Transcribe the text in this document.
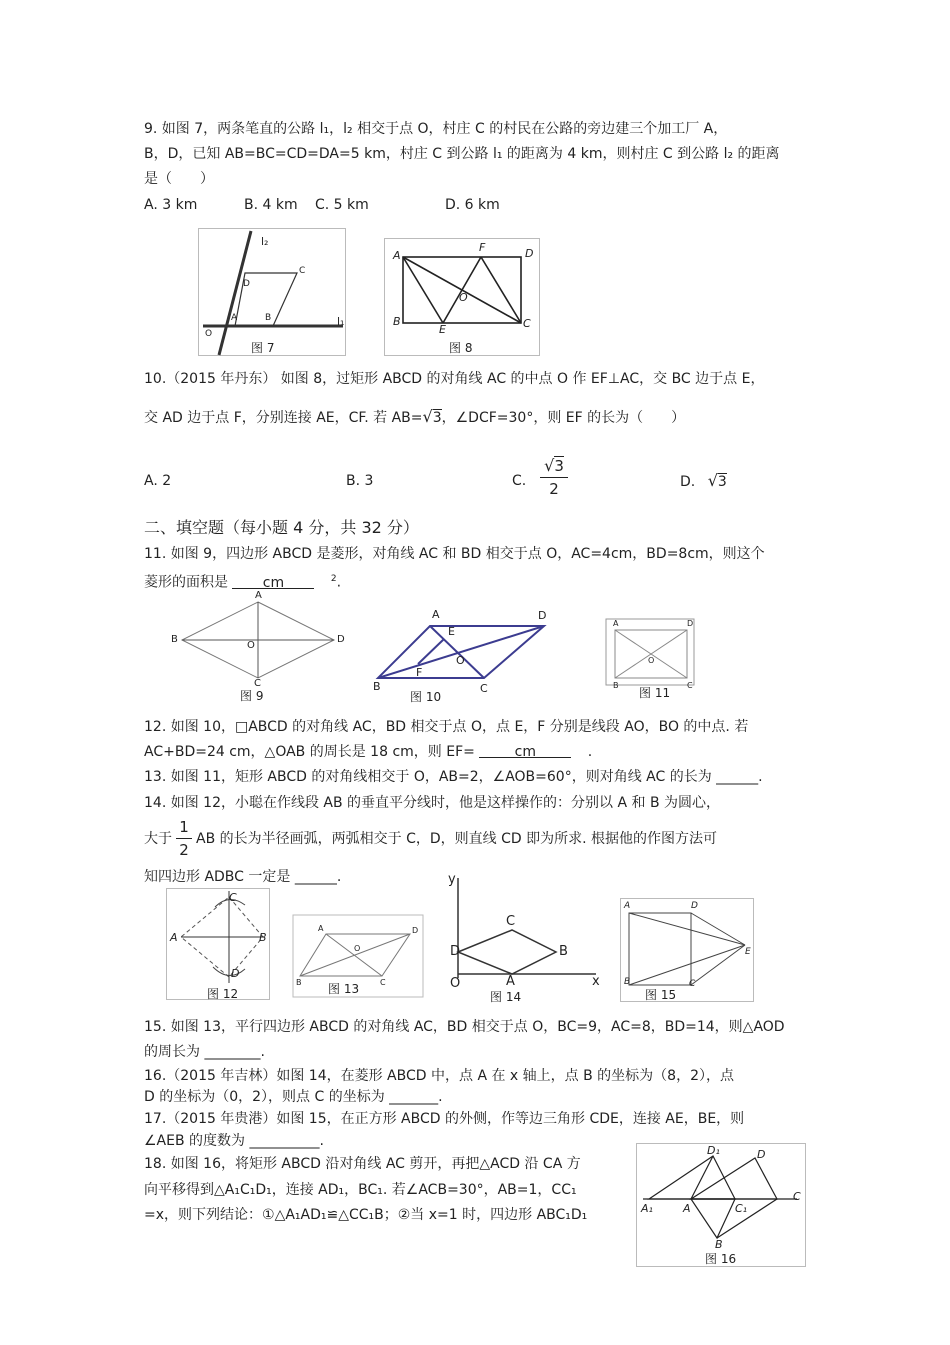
9. 如图 7，两条笔直的公路 l₁，l₂ 相交于点 O，村庄 C 的村民在公路的旁边建三个加工厂 A，
B，D，已知 AB=BC=CD=DA=5 km，村庄 C 到公路 l₁ 的距离为 4 km，则村庄 C 到公路 l₂ 的距离
是（　　）
A. 3 km	B. 4 km C. 5 km	D. 6 km
l₂
l₁
C
D
A	B
O
图 7
A
F	D
O
B
E	C
图 8
10.（2015 年丹东） 如图 8，过矩形 ABCD 的对角线 AC 的中点 O 作 EF⊥AC，交 BC 边于点 E，
交 AD 边于点 F，分别连接 AE，CF. 若 AB=√3，∠DCF=30°，则 EF 的长为（　　）
A. 2	B. 3	C.
√3
2	D. √3
二、填空题（每小题 4 分，共 32 分）
11. 如图 9，四边形 ABCD 是菱形，对角线 AC 和 BD 相交于点 O，AC=4cm，BD=8cm，则这个
菱形的面积是 cm	$^2$.
A
B	D
O
C
图 9
A	D
E
O
F
B	C
图 10
A	D
O
B	C
图 11
12. 如图 10，□ABCD 的对角线 AC，BD 相交于点 O，点 E，F 分别是线段 AO，BO 的中点. 若
AC+BD=24 cm，△OAB 的周长是 18 cm，则 EF=	cm	.
13. 如图 11，矩形 ABCD 的对角线相交于 O，AB=2，∠AOB=60°，则对角线 AC 的长为 ______.
14. 如图 12，小聪在作线段 AB 的垂直平分线时，他是这样操作的：分别以 A 和 B 为圆心，
大于
1
2
AB 的长为半径画弧，两弧相交于 C，D，则直线 CD 即为所求. 根据他的作图方法可
知四边形 ADBC 一定是 ______.
C
A	B
D
图 12
A	D
O
B	C
图 13
y
x
O
D
C
B
A
图 14
A	D
E
B	C
图 15
15. 如图 13，平行四边形 ABCD 的对角线 AC，BD 相交于点 O，BC=9，AC=8，BD=14，则△AOD
的周长为 ________.
16.（2015 年吉林）如图 14，在菱形 ABCD 中，点 A 在 x 轴上，点 B 的坐标为（8，2），点
D 的坐标为（0，2），则点 C 的坐标为 _______.
17.（2015 年贵港）如图 15，在正方形 ABCD 的外侧，作等边三角形 CDE，连接 AE，BE，则
∠AEB 的度数为 __________.
18. 如图 16，将矩形 ABCD 沿对角线 AC 剪开，再把△ACD 沿 CA 方
向平移得到△A₁C₁D₁，连接 AD₁，BC₁. 若∠ACB=30°，AB=1，CC₁
=x，则下列结论：①△A₁AD₁≌△CC₁B；②当 x=1 时，四边形 ABC₁D₁
D₁	D
A₁	A	C₁
C
B
图 16
